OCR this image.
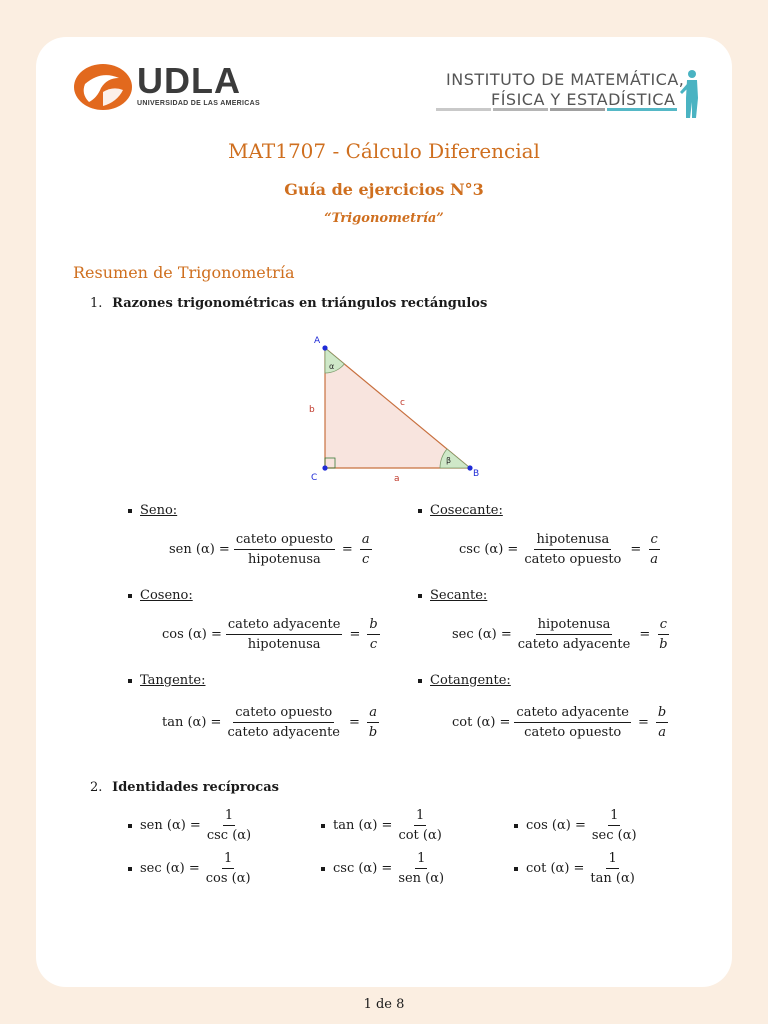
UDLA
UNIVERSIDAD DE LAS AMERICAS
INSTITUTO DE MATEMÁTICA,
FÍSICA Y ESTADÍSTICA
MAT1707 - Cálculo Diferencial
Guía de ejercicios N°3
“Trigonometría”
Resumen de Trigonometría
1. Razones trigonométricas en triángulos rectángulos
A
B
C	a
b
c
α
β
Seno:	Cosecante:
Coseno:	Secante:
Tangente:	Cotangente:
sen $(\alpha) = \frac{\text{cateto opuesto}}{\text{hipotenusa}} = \frac{a}{c}$	$\csc (\alpha) = \frac{\text{hipotenusa}}{\text{cateto opuesto}} = \frac{c}{a}$
$\cos (\alpha) = \frac{\text{cateto adyacente}}{\text{hipotenusa}} = \frac{b}{c}$	$\sec (\alpha) = \frac{\text{hipotenusa}}{\text{cateto adyacente}} = \frac{c}{b}$
$\tan (\alpha) = \frac{\text{cateto opuesto}}{\text{cateto adyacente}} = \frac{a}{b}$	$\cot (\alpha) = \frac{\text{cateto adyacente}}{\text{cateto opuesto}} = \frac{b}{a}$
2. Identidades recíprocas
sen $(\alpha) = \frac{1}{\csc (\alpha)}$	$\tan (\alpha) = \frac{1}{\cot (\alpha)}$	$\cos (\alpha) = \frac{1}{\sec (\alpha)}$
$\sec (\alpha) = \frac{1}{\cos (\alpha)}$	$\csc (\alpha) = \frac{1}{\text{sen (α)}}$	$\cot (\alpha) = \frac{1}{\tan (\alpha)}$
1 de 8
